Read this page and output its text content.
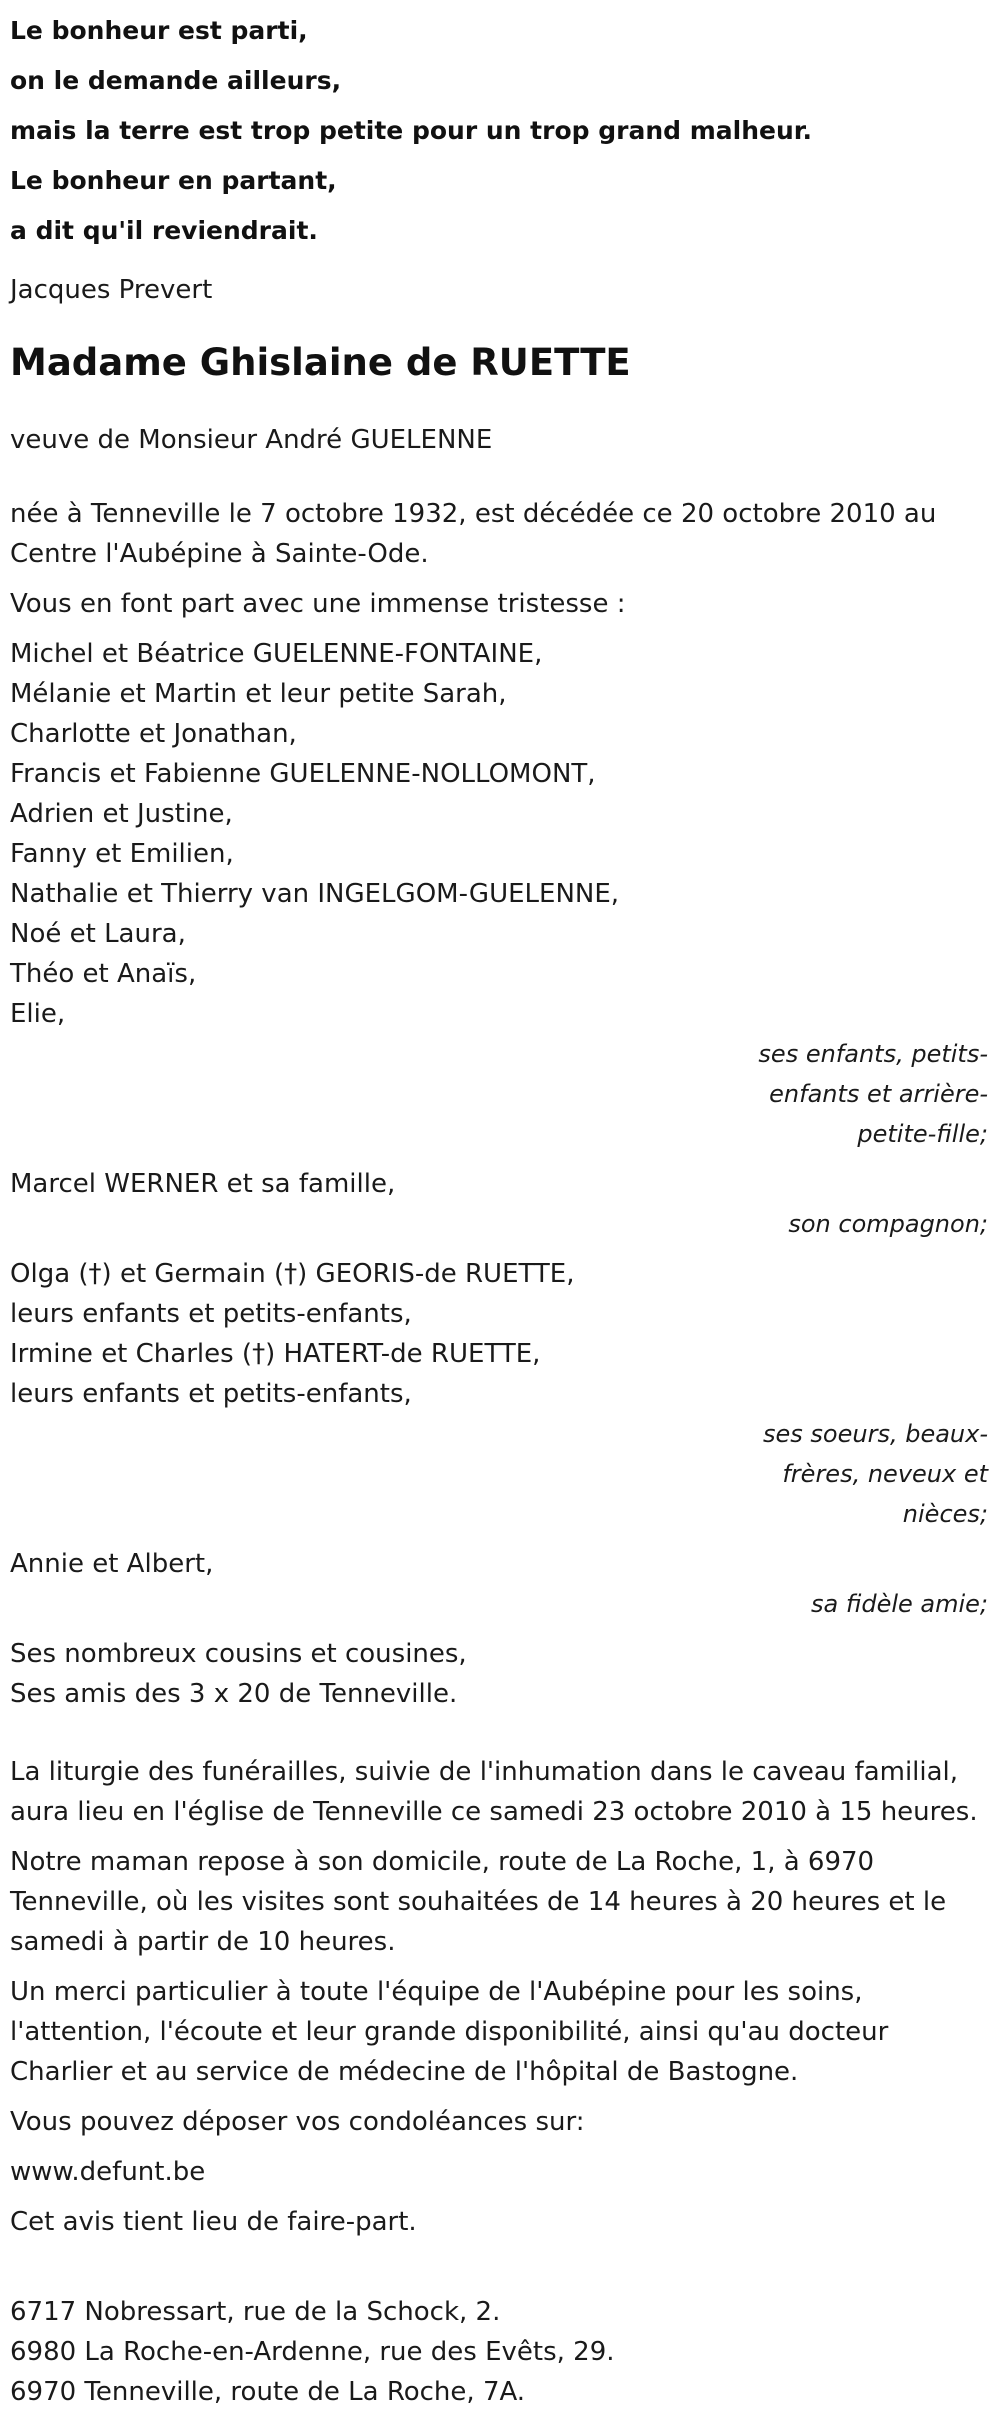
Le bonheur est parti,
on le demande ailleurs,
mais la terre est trop petite pour un trop grand malheur.
Le bonheur en partant,
a dit qu'il reviendrait.
Jacques Prevert
Madame Ghislaine de RUETTE
veuve de Monsieur André GUELENNE
née à Tenneville le 7 octobre 1932, est décédée ce 20 octobre 2010 au Centre l'Aubépine à Sainte-Ode.
Vous en font part avec une immense tristesse :
Michel et Béatrice GUELENNE-FONTAINE,
Mélanie et Martin et leur petite Sarah,
Charlotte et Jonathan,
Francis et Fabienne GUELENNE-NOLLOMONT,
Adrien et Justine,
Fanny et Emilien,
Nathalie et Thierry van INGELGOM-GUELENNE,
Noé et Laura,
Théo et Anaïs,
Elie,
ses enfants, petits-enfants et arrière-petite-fille;
Marcel WERNER et sa famille,
son compagnon;
Olga (†) et Germain (†) GEORIS-de RUETTE,
leurs enfants et petits-enfants,
Irmine et Charles (†) HATERT-de RUETTE,
leurs enfants et petits-enfants,
ses soeurs, beaux-frères, neveux et nièces;
Annie et Albert,
sa fidèle amie;
Ses nombreux cousins et cousines,
Ses amis des 3 x 20 de Tenneville.
La liturgie des funérailles, suivie de l'inhumation dans le caveau familial, aura lieu en l'église de Tenneville ce samedi 23 octobre 2010 à 15 heures.
Notre maman repose à son domicile, route de La Roche, 1, à 6970 Tenneville, où les visites sont souhaitées de 14 heures à 20 heures et le samedi à partir de 10 heures.
Un merci particulier à toute l'équipe de l'Aubépine pour les soins, l'attention, l'écoute et leur grande disponibilité, ainsi qu'au docteur Charlier et au service de médecine de l'hôpital de Bastogne.
Vous pouvez déposer vos condoléances sur:
www.defunt.be
Cet avis tient lieu de faire-part.
6717 Nobressart, rue de la Schock, 2.
6980 La Roche-en-Ardenne, rue des Evêts, 29.
6970 Tenneville, route de La Roche, 7A.
